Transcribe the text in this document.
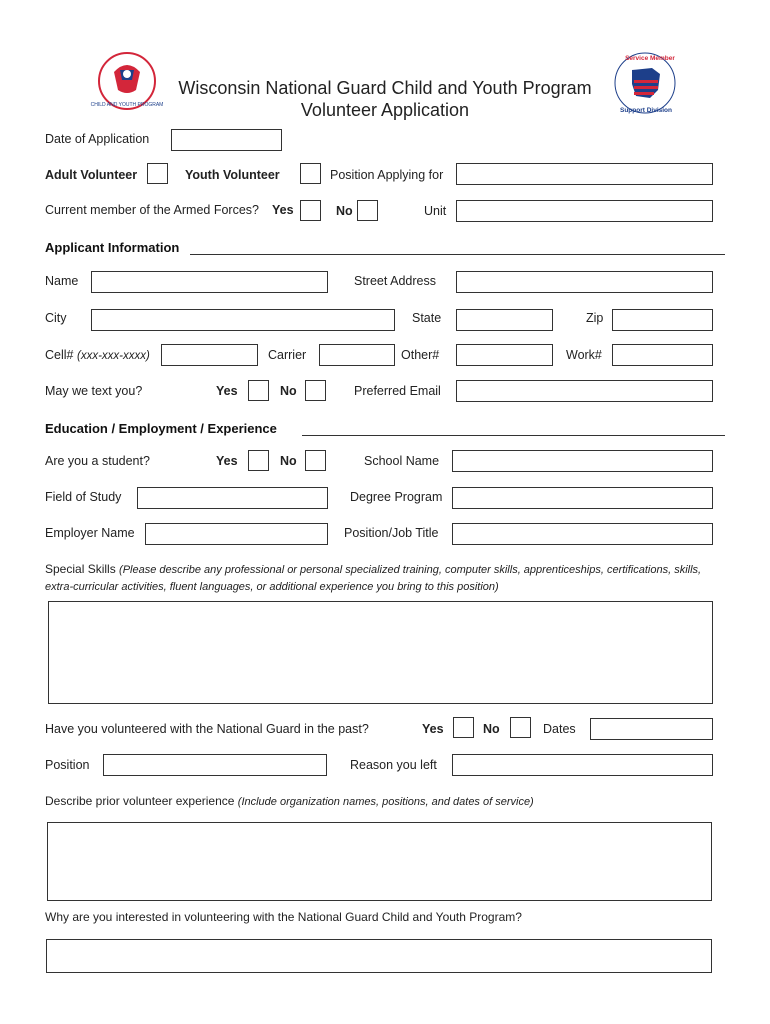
CHILD AND YOUTH PROGRAM
Service Member
Support Division
Wisconsin National Guard Child and Youth Program
Volunteer Application
Date of Application
Adult Volunteer	Youth Volunteer	Position Applying for
Current member of the Armed Forces? Yes	No	Unit
Applicant Information
Name	Street Address
City	State	Zip
Cell# (xxx-xxx-xxxx)	Carrier	Other#	Work#
May we text you?	Yes	No	Preferred Email
Education / Employment / Experience
Are you a student?	Yes	No	School Name
Field of Study	Degree Program
Employer Name	Position/Job Title
Special Skills (Please describe any professional or personal specialized training, computer skills, apprenticeships, certifications, skills, extra-curricular activities, fluent languages, or additional experience you bring to this position)
Have you volunteered with the National Guard in the past?	Yes	No	Dates
Position	Reason you left
Describe prior volunteer experience (Include organization names, positions, and dates of service)
Why are you interested in volunteering with the National Guard Child and Youth Program?
